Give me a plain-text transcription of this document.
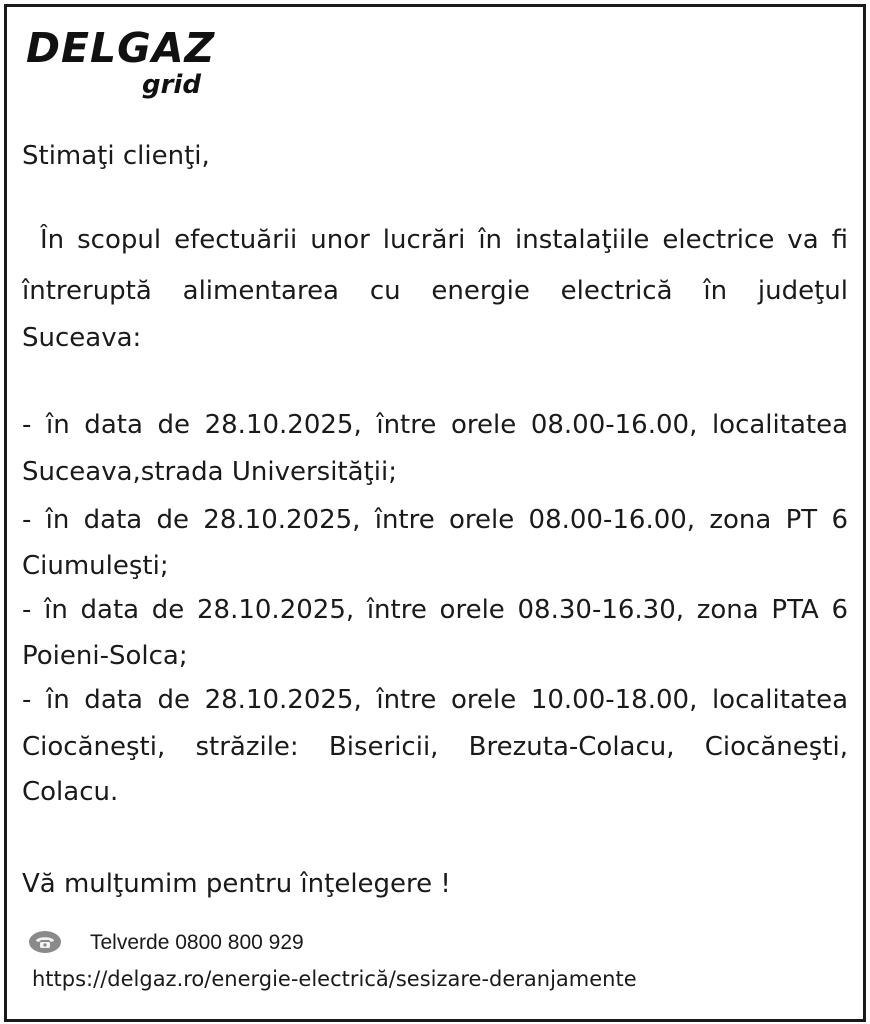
DELGAZ
grid
Stimaţi clienţi,
În scopul efectuării unor lucrări în instalaţiile electrice va fi
întreruptă alimentarea cu energie electrică în judeţul
Suceava:
- în data de 28.10.2025, între orele 08.00-16.00, localitatea
Suceava,strada Universităţii;
- în data de 28.10.2025, între orele 08.00-16.00, zona PT 6
Ciumuleşti;
- în data de 28.10.2025, între orele 08.30-16.30, zona PTA 6
Poieni-Solca;
- în data de 28.10.2025, între orele 10.00-18.00, localitatea
Ciocăneşti, străzile: Bisericii, Brezuta-Colacu, Ciocăneşti,
Colacu.
Vă mulţumim pentru înţelegere !
Telverde 0800 800 929
https://delgaz.ro/energie-electrică/sesizare-deranjamente
